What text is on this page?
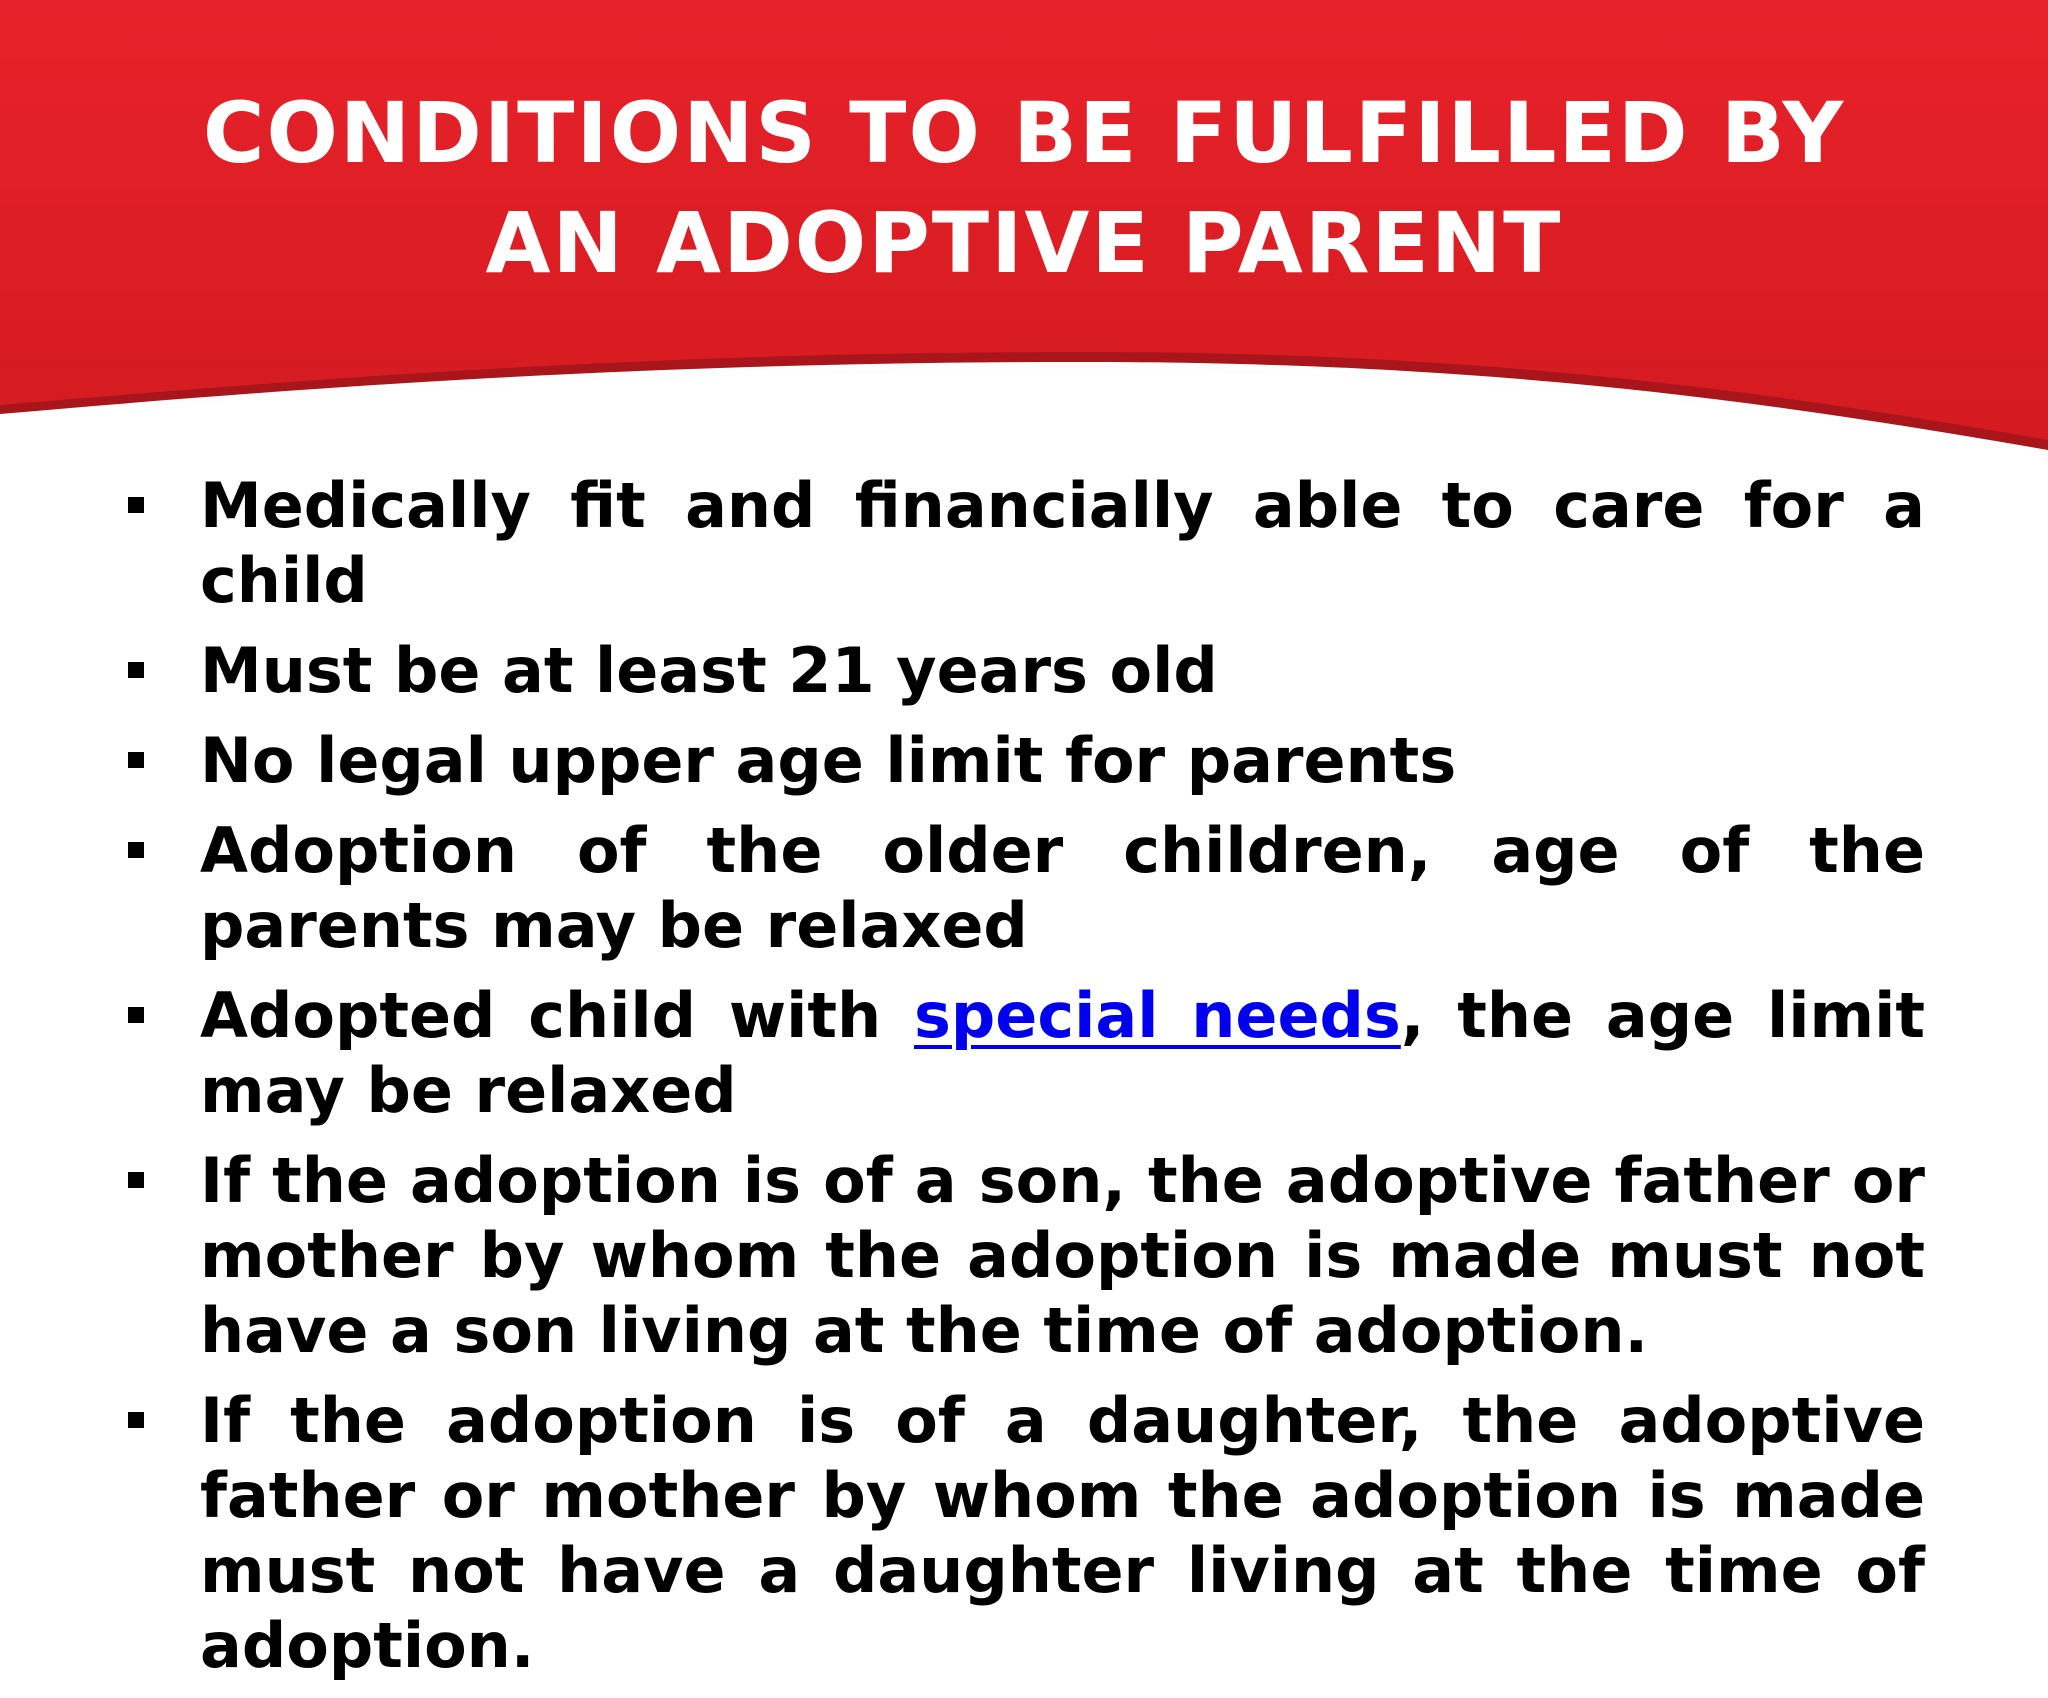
CONDITIONS TO BE FULFILLED BY
AN ADOPTIVE PARENT
Medically fit and financially able to care for a child
Must be at least 21 years old
No legal upper age limit for parents
Adoption of the older children, age of the parents may be relaxed
Adopted child with special needs, the age limit may be relaxed
If the adoption is of a son, the adoptive father or mother by whom the adoption is made must not have a son living at the time of adoption.
If the adoption is of a daughter, the adoptive father or mother by whom the adoption is made must not have a daughter living at the time of adoption.
